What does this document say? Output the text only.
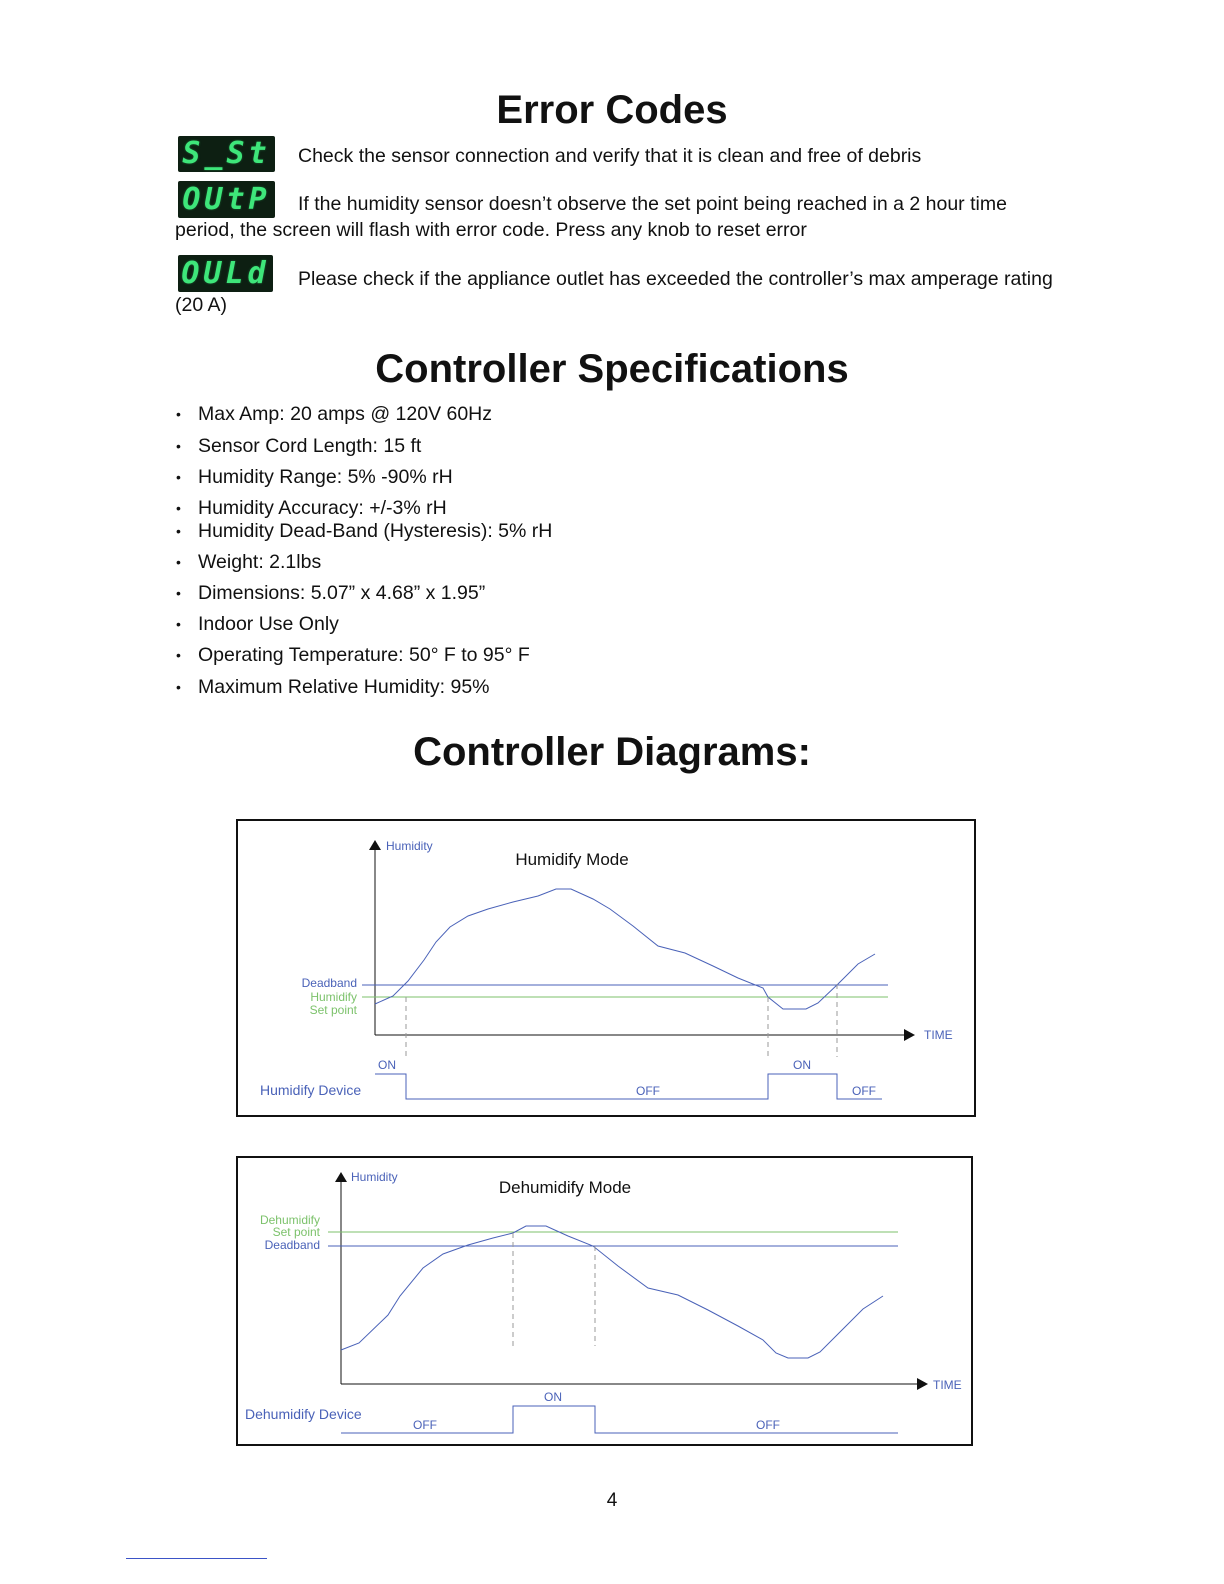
Error Codes
S_St	Check the sensor connection and verify that it is clean and free of debris
OUtP	If the humidity sensor doesn’t observe the set point being reached in a 2 hour time period, the screen will flash with error code. Press any knob to reset error
OULd	Please check if the appliance outlet has exceeded the controller’s max amperage rating (20 A)
Controller Specifications
• Max Amp: 20 amps @ 120V 60Hz
• Sensor Cord Length: 15 ft
• Humidity Range: 5% -90% rH
• Humidity Accuracy: +/-3% rH
• Humidity Dead-Band (Hysteresis): 5% rH
• Weight: 2.1lbs
• Dimensions: 5.07” x 4.68” x 1.95”
• Indoor Use Only
• Operating Temperature: 50° F to 95° F
• Maximum Relative Humidity: 95%
Controller Diagrams:
Humidity
TIME
Humidify Mode
Deadband
Humidify
Set point
Humidify Device
ON
OFF
ON
OFF
Humidity
TIME
Dehumidify Mode
Dehumidify
Set point
Deadband
Dehumidify Device
OFF
ON
OFF
4
